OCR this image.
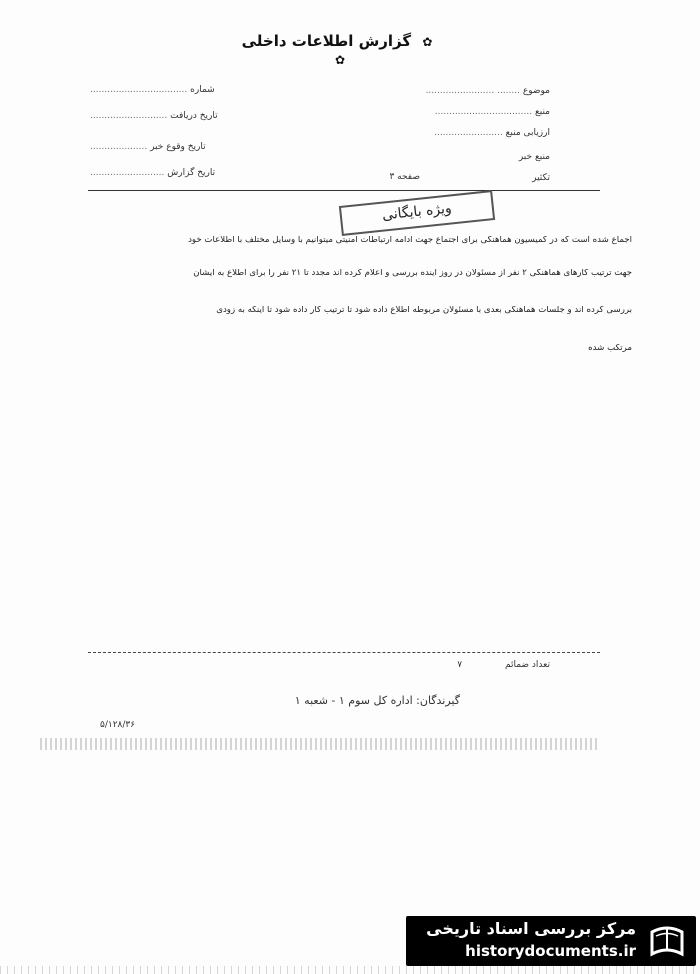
✿ گزارش اطلاعات داخلی ✿
موضوع ........ ........................
منبع ..................................
ارزیابی منبع ........................
منبع خبر
تکثیر
صفحه ۳
شماره ..................................
تاریخ دریافت ...........................
تاریخ وقوع خبر ....................
تاریخ گزارش ..........................
ویژه بایگانی
اجماع شده است که در کمیسیون هماهنگی برای اجتماع جهت ادامه ارتباطات امنیتی میتوانیم با وسایل مختلف با اطلاعات خود
جهت ترتیب کارهای هماهنگی ۲ نفر از مسئولان در روز آینده بررسی و اعلام کرده اند مجدد تا ۲۱ نفر را برای اطلاع به ایشان
بررسی کرده اند و جلسات هماهنگی بعدی با مسئولان مربوطه اطلاع داده شود تا ترتیب کار داده شود تا اینکه به زودی
مرتکب شده
تعداد ضمائم ۷
گیرندگان: اداره کل سوم ۱ - شعبه ۱
۵/۱۲۸/۳۶
مرکز بررسی اسناد تاریخی
historydocuments.ir
